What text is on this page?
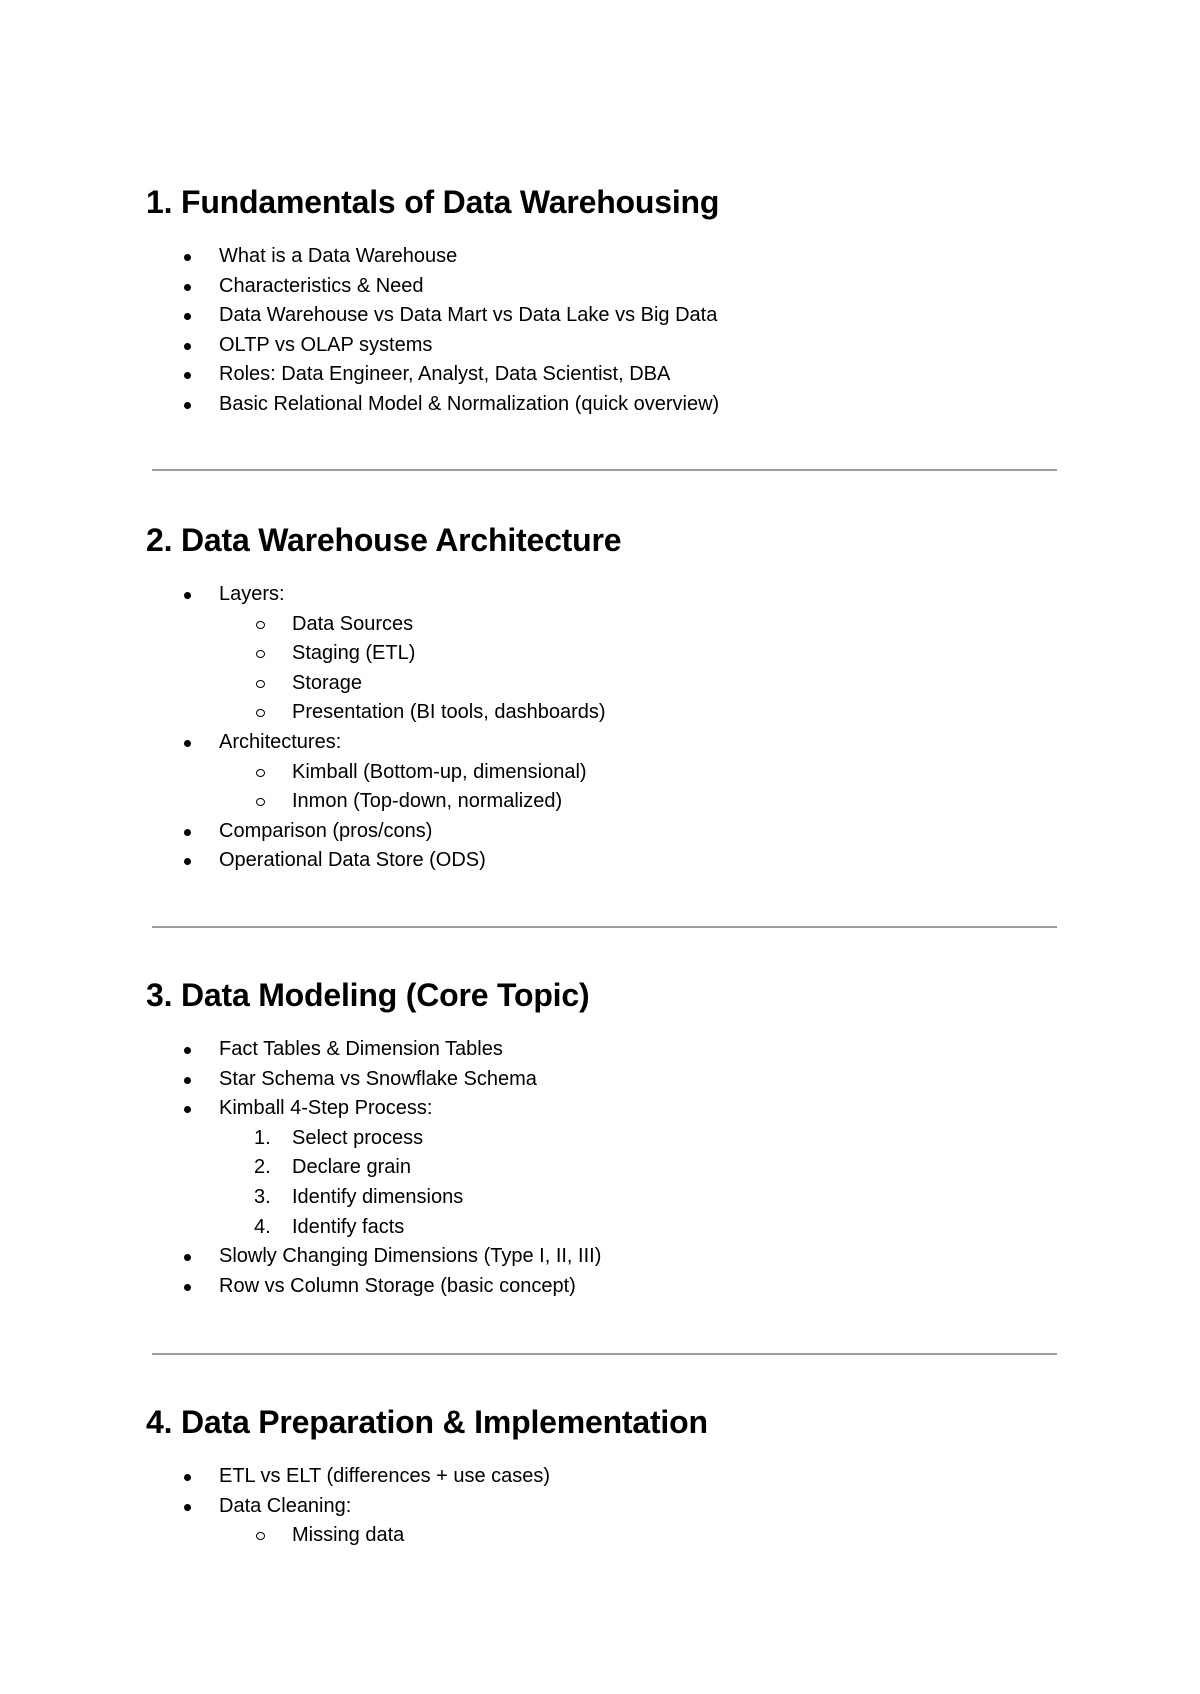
1. Fundamentals of Data Warehousing
What is a Data Warehouse
Characteristics & Need
Data Warehouse vs Data Mart vs Data Lake vs Big Data
OLTP vs OLAP systems
Roles: Data Engineer, Analyst, Data Scientist, DBA
Basic Relational Model & Normalization (quick overview)
2. Data Warehouse Architecture
Layers:
Data Sources
Staging (ETL)
Storage
Presentation (BI tools, dashboards)
Architectures:
Kimball (Bottom-up, dimensional)
Inmon (Top-down, normalized)
Comparison (pros/cons)
Operational Data Store (ODS)
3. Data Modeling (Core Topic)
Fact Tables & Dimension Tables
Star Schema vs Snowflake Schema
Kimball 4-Step Process:
1.	Select process
2.	Declare grain
3.	Identify dimensions
4.	Identify facts
Slowly Changing Dimensions (Type I, II, III)
Row vs Column Storage (basic concept)
4. Data Preparation & Implementation
ETL vs ELT (differences + use cases)
Data Cleaning:
Missing data
